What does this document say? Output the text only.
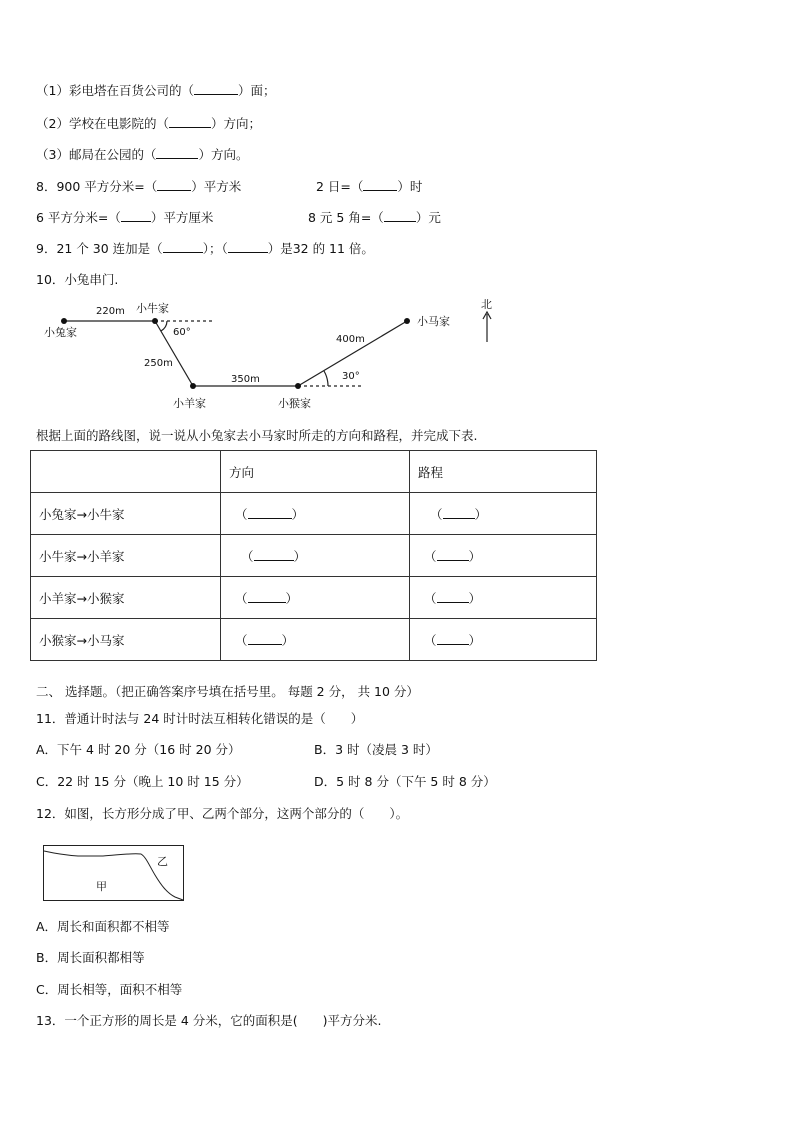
（1）彩电塔在百货公司的（	）面；
（2）学校在电影院的（	）方向；
（3）邮局在公园的（	）方向。
8．900 平方分米=（	）平方米	2 日=（	）时
6 平方分米=（ ）平方厘米	8 元 5 角=（	）元
9．21 个 30 连加是（	）；（	）是32 的 11 倍。
10．小兔串门.
小兔家
小牛家
小羊家	小猴家
小马家
北
220m
250m
350m
400m
60°
30°
根据上面的路线图，说一说从小兔家去小马家时所走的方向和路程，并完成下表.
	方向	路程
小兔家→小牛家	（ ）	（ ）
小牛家→小羊家	（ ）	（ ）
小羊家→小猴家	（ ）	（ ）
小猴家→小马家	（ ）	（ ）
二、 选择题。（把正确答案序号填在括号里。 每题 2 分， 共 10 分）
11．普通计时法与 24 时计时法互相转化错误的是（　　）
A．下午 4 时 20 分（16 时 20 分）	B．3 时（凌晨 3 时）
C．22 时 15 分（晚上 10 时 15 分）	D．5 时 8 分（下午 5 时 8 分）
12．如图，长方形分成了甲、乙两个部分，这两个部分的（　　）。
甲
乙
A．周长和面积都不相等
B．周长面积都相等
C．周长相等，面积不相等
13．一个正方形的周长是 4 分米，它的面积是(　　)平方分米.
